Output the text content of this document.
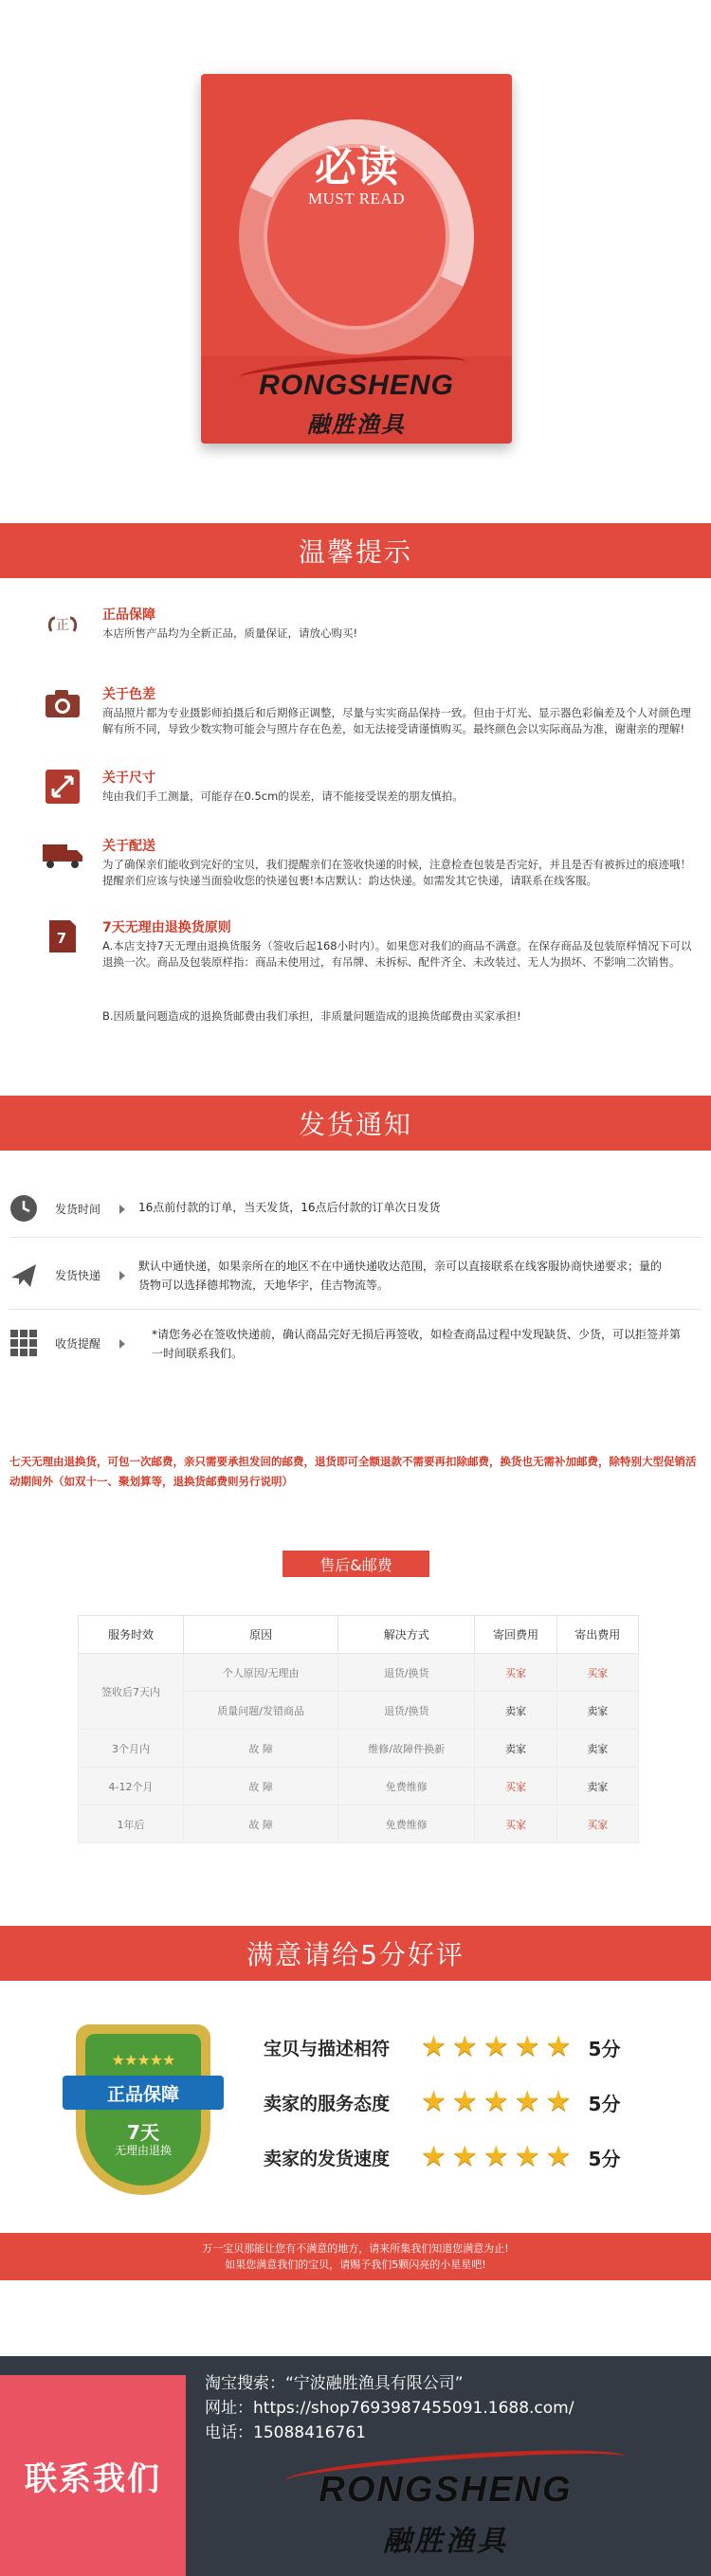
必读
MUST READ
RONGSHENG
融胜渔具
温馨提示
正
正品保障
本店所售产品均为全新正品，质量保证，请放心购买!
关于色差
商品照片都为专业摄影师拍摄后和后期修正调整，尽量与实实商品保持一致。但由于灯光、显示器色彩偏差及个人对颜色理解有所不同，导致少数实物可能会与照片存在色差，如无法接受请谨慎购买。最终颜色会以实际商品为准，谢谢亲的理解!
关于尺寸
纯由我们手工测量，可能存在0.5cm的误差，请不能接受误差的朋友慎拍。
关于配送
为了确保亲们能收到完好的宝贝，我们提醒亲们在签收快递的时候，注意检查包装是否完好，并且是否有被拆过的痕迹哦！提醒亲们应该与快递当面验收您的快递包裹!本店默认：韵达快递。如需发其它快递，请联系在线客服。
7
7天无理由退换货原则
A.本店支持7天无理由退换货服务（签收后起168小时内）。如果您对我们的商品不满意。在保存商品及包装原样情况下可以退换一次。商品及包装原样指：商品未使用过，有吊牌、未拆标、配件齐全、未改装过、无人为损坏、不影响二次销售。
B.因质量问题造成的退换货邮费由我们承担，非质量问题造成的退换货邮费由买家承担!
发货通知
发货时间	16点前付款的订单，当天发货，16点后付款的订单次日发货
发货快递
默认中通快递，如果亲所在的地区不在中通快递收达范围，亲可以直接联系在线客服协商快递要求；量的货物可以选择德邦物流，天地华宇，佳吉物流等。
收货提醒
*请您务必在签收快递前，确认商品完好无损后再签收，如检查商品过程中发现缺货、少货，可以拒签并第一时间联系我们。
七天无理由退换货，可包一次邮费，亲只需要承担发回的邮费，退货即可全额退款不需要再扣除邮费，换货也无需补加邮费，除特别大型促销活动期间外（如双十一、聚划算等，退换货邮费则另行说明）
售后&邮费
服务时效	原因	解决方式	寄回费用	寄出费用
签收后7天内	个人原因/无理由	退货/换货	买家	买家
	质量问题/发错商品	退货/换货	卖家	卖家
3个月内	故 障	维修/故障件换新	卖家	卖家
4-12个月	故 障	免费维修	买家	卖家
1年后	故 障	免费维修	买家	买家
满意请给5分好评
★★★★★
正品保障
7天
无理由退换
宝贝与描述相符	★ ★ ★ ★ ★ 5分
卖家的服务态度	★ ★ ★ ★ ★ 5分
卖家的发货速度	★ ★ ★ ★ ★ 5分
万一宝贝那能让您有不满意的地方，请来所集我们知道您满意为止!
如果您满意我们的宝贝，请赐予我们5颗闪亮的小星星吧!
联系我们
淘宝搜索：“宁波融胜渔具有限公司”
网址：https://shop7693987455091.1688.com/
电话：15088416761
RONGSHENG
融胜渔具
